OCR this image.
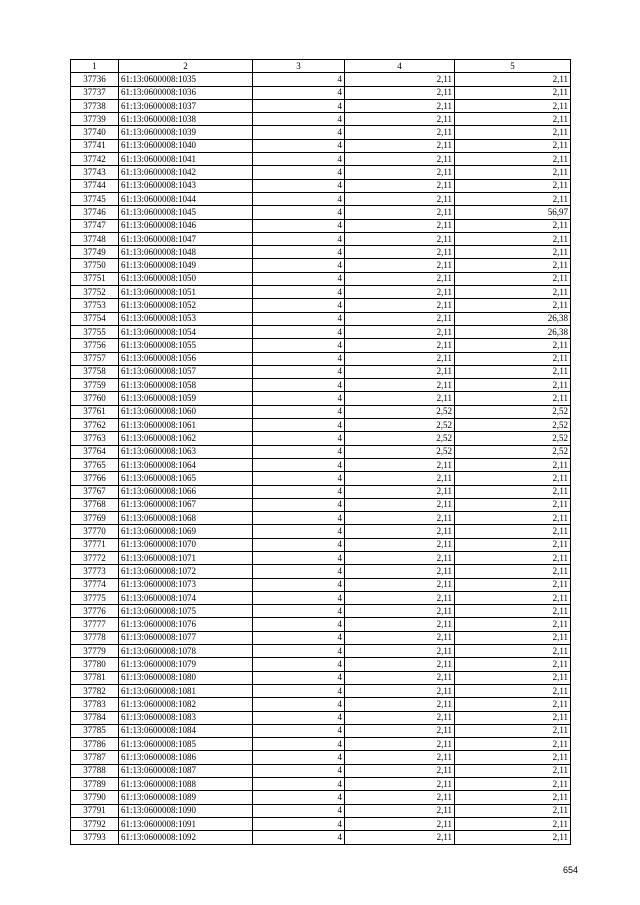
1	2	3	4	5
37736	61:13:0600008:1035	4	2,11	2,11
37737	61:13:0600008:1036	4	2,11	2,11
37738	61:13:0600008:1037	4	2,11	2,11
37739	61:13:0600008:1038	4	2,11	2,11
37740	61:13:0600008:1039	4	2,11	2,11
37741	61:13:0600008:1040	4	2,11	2,11
37742	61:13:0600008:1041	4	2,11	2,11
37743	61:13:0600008:1042	4	2,11	2,11
37744	61:13:0600008:1043	4	2,11	2,11
37745	61:13:0600008:1044	4	2,11	2,11
37746	61:13:0600008:1045	4	2,11	56,97
37747	61:13:0600008:1046	4	2,11	2,11
37748	61:13:0600008:1047	4	2,11	2,11
37749	61:13:0600008:1048	4	2,11	2,11
37750	61:13:0600008:1049	4	2,11	2,11
37751	61:13:0600008:1050	4	2,11	2,11
37752	61:13:0600008:1051	4	2,11	2,11
37753	61:13:0600008:1052	4	2,11	2,11
37754	61:13:0600008:1053	4	2,11	26,38
37755	61:13:0600008:1054	4	2,11	26,38
37756	61:13:0600008:1055	4	2,11	2,11
37757	61:13:0600008:1056	4	2,11	2,11
37758	61:13:0600008:1057	4	2,11	2,11
37759	61:13:0600008:1058	4	2,11	2,11
37760	61:13:0600008:1059	4	2,11	2,11
37761	61:13:0600008:1060	4	2,52	2,52
37762	61:13:0600008:1061	4	2,52	2,52
37763	61:13:0600008:1062	4	2,52	2,52
37764	61:13:0600008:1063	4	2,52	2,52
37765	61:13:0600008:1064	4	2,11	2,11
37766	61:13:0600008:1065	4	2,11	2,11
37767	61:13:0600008:1066	4	2,11	2,11
37768	61:13:0600008:1067	4	2,11	2,11
37769	61:13:0600008:1068	4	2,11	2,11
37770	61:13:0600008:1069	4	2,11	2,11
37771	61:13:0600008:1070	4	2,11	2,11
37772	61:13:0600008:1071	4	2,11	2,11
37773	61:13:0600008:1072	4	2,11	2,11
37774	61:13:0600008:1073	4	2,11	2,11
37775	61:13:0600008:1074	4	2,11	2,11
37776	61:13:0600008:1075	4	2,11	2,11
37777	61:13:0600008:1076	4	2,11	2,11
37778	61:13:0600008:1077	4	2,11	2,11
37779	61:13:0600008:1078	4	2,11	2,11
37780	61:13:0600008:1079	4	2,11	2,11
37781	61:13:0600008:1080	4	2,11	2,11
37782	61:13:0600008:1081	4	2,11	2,11
37783	61:13:0600008:1082	4	2,11	2,11
37784	61:13:0600008:1083	4	2,11	2,11
37785	61:13:0600008:1084	4	2,11	2,11
37786	61:13:0600008:1085	4	2,11	2,11
37787	61:13:0600008:1086	4	2,11	2,11
37788	61:13:0600008:1087	4	2,11	2,11
37789	61:13:0600008:1088	4	2,11	2,11
37790	61:13:0600008:1089	4	2,11	2,11
37791	61:13:0600008:1090	4	2,11	2,11
37792	61:13:0600008:1091	4	2,11	2,11
37793	61:13:0600008:1092	4	2,11	2,11
654
